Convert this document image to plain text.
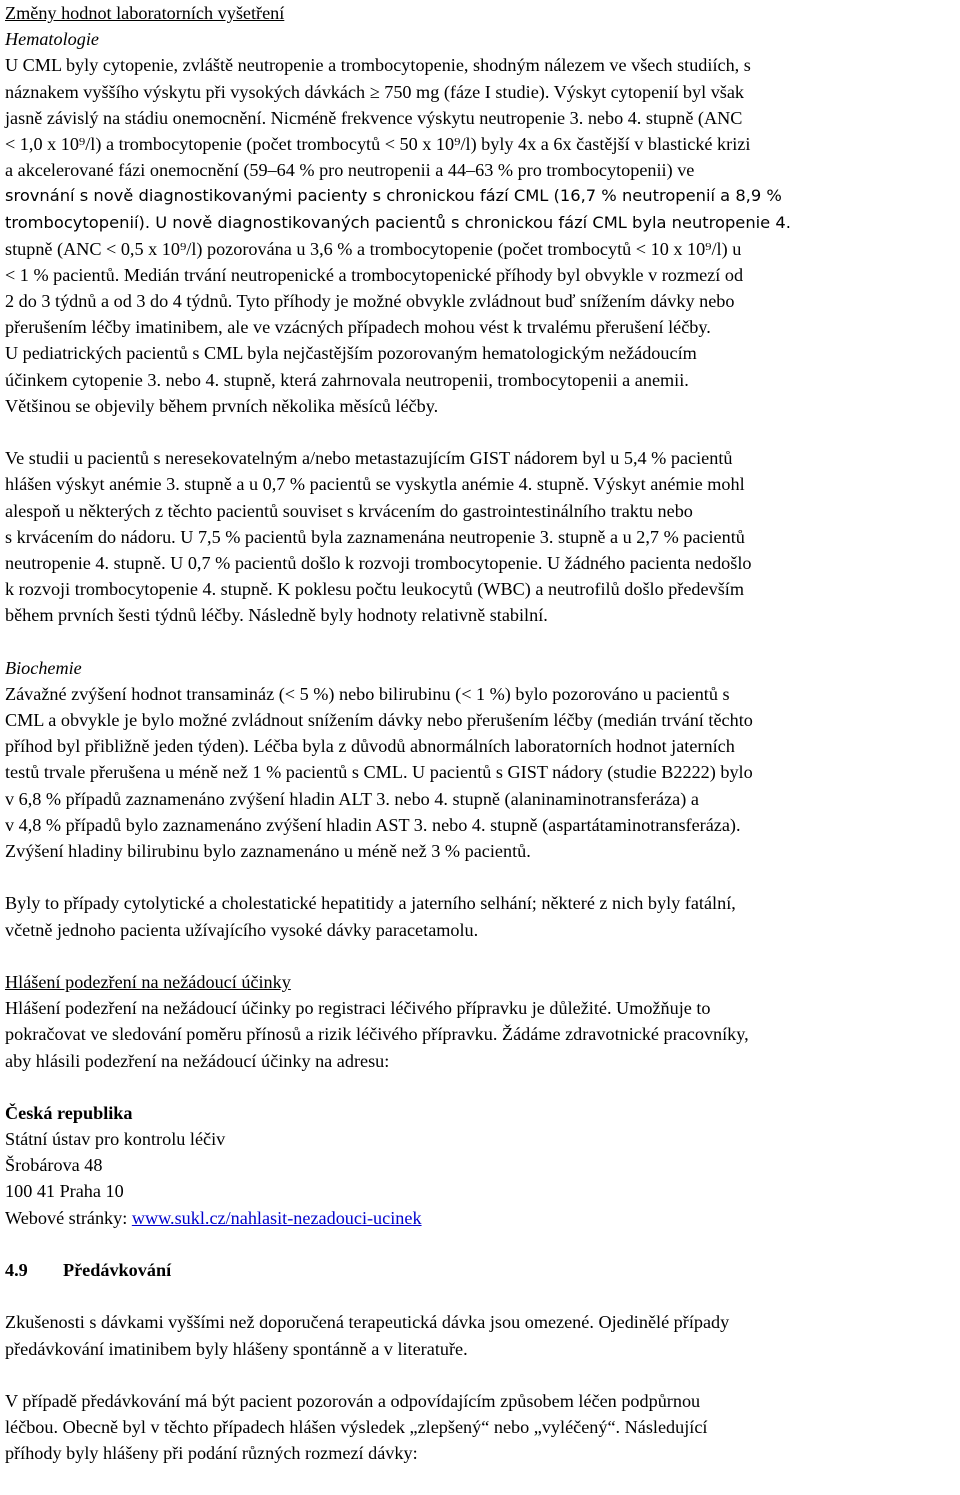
Změny hodnot laboratorních vyšetření
Hematologie
U CML byly cytopenie, zvláště neutropenie a trombocytopenie, shodným nálezem ve všech studiích, s
náznakem vyššího výskytu při vysokých dávkách ≥ 750 mg (fáze I studie). Výskyt cytopenií byl však
jasně závislý na stádiu onemocnění. Nicméně frekvence výskytu neutropenie 3. nebo 4. stupně (ANC
< 1,0 x 10⁹/l) a trombocytopenie (počet trombocytů < 50 x 10⁹/l) byly 4x a 6x častější v blastické krizi
a akcelerované fázi onemocnění (59–64 % pro neutropenii a 44–63 % pro trombocytopenii) ve
srovnání s nově diagnostikovanými pacienty s chronickou fází CML (16,7 % neutropenií a 8,9 %
trombocytopenií). U nově diagnostikovaných pacientů s chronickou fází CML byla neutropenie 4.
stupně (ANC < 0,5 x 10⁹/l) pozorována u 3,6 % a trombocytopenie (počet trombocytů < 10 x 10⁹/l) u
< 1 % pacientů. Medián trvání neutropenické a trombocytopenické příhody byl obvykle v rozmezí od
2 do 3 týdnů a od 3 do 4 týdnů. Tyto příhody je možné obvykle zvládnout buď snížením dávky nebo
přerušením léčby imatinibem, ale ve vzácných případech mohou vést k trvalému přerušení léčby.
U pediatrických pacientů s CML byla nejčastějším pozorovaným hematologickým nežádoucím
účinkem cytopenie 3. nebo 4. stupně, která zahrnovala neutropenii, trombocytopenii a anemii.
Většinou se objevily během prvních několika měsíců léčby.
Ve studii u pacientů s neresekovatelným a/nebo metastazujícím GIST nádorem byl u 5,4 % pacientů
hlášen výskyt anémie 3. stupně a u 0,7 % pacientů se vyskytla anémie 4. stupně. Výskyt anémie mohl
alespoň u některých z těchto pacientů souviset s krvácením do gastrointestinálního traktu nebo
s krvácením do nádoru. U 7,5 % pacientů byla zaznamenána neutropenie 3. stupně a u 2,7 % pacientů
neutropenie 4. stupně. U 0,7 % pacientů došlo k rozvoji trombocytopenie. U žádného pacienta nedošlo
k rozvoji trombocytopenie 4. stupně. K poklesu počtu leukocytů (WBC) a neutrofilů došlo především
během prvních šesti týdnů léčby. Následně byly hodnoty relativně stabilní.
Biochemie
Závažné zvýšení hodnot transamináz (< 5 %) nebo bilirubinu (< 1 %) bylo pozorováno u pacientů s
CML a obvykle je bylo možné zvládnout snížením dávky nebo přerušením léčby (medián trvání těchto
příhod byl přibližně jeden týden). Léčba byla z důvodů abnormálních laboratorních hodnot jaterních
testů trvale přerušena u méně než 1 % pacientů s CML. U pacientů s GIST nádory (studie B2222) bylo
v 6,8 % případů zaznamenáno zvýšení hladin ALT 3. nebo 4. stupně (alaninaminotransferáza) a
v 4,8 % případů bylo zaznamenáno zvýšení hladin AST 3. nebo 4. stupně (aspartátaminotransferáza).
Zvýšení hladiny bilirubinu bylo zaznamenáno u méně než 3 % pacientů.
Byly to případy cytolytické a cholestatické hepatitidy a jaterního selhání; některé z nich byly fatální,
včetně jednoho pacienta užívajícího vysoké dávky paracetamolu.
Hlášení podezření na nežádoucí účinky
Hlášení podezření na nežádoucí účinky po registraci léčivého přípravku je důležité. Umožňuje to
pokračovat ve sledování poměru přínosů a rizik léčivého přípravku. Žádáme zdravotnické pracovníky,
aby hlásili podezření na nežádoucí účinky na adresu:
Česká republika
Státní ústav pro kontrolu léčiv
Šrobárova 48
100 41 Praha 10
Webové stránky: www.sukl.cz/nahlasit-nezadouci-ucinek
4.9 Předávkování
Zkušenosti s dávkami vyššími než doporučená terapeutická dávka jsou omezené. Ojedinělé případy
předávkování imatinibem byly hlášeny spontánně a v literatuře.
V případě předávkování má být pacient pozorován a odpovídajícím způsobem léčen podpůrnou
léčbou. Obecně byl v těchto případech hlášen výsledek „zlepšený“ nebo „vyléčený“. Následující
příhody byly hlášeny při podání různých rozmezí dávky:
